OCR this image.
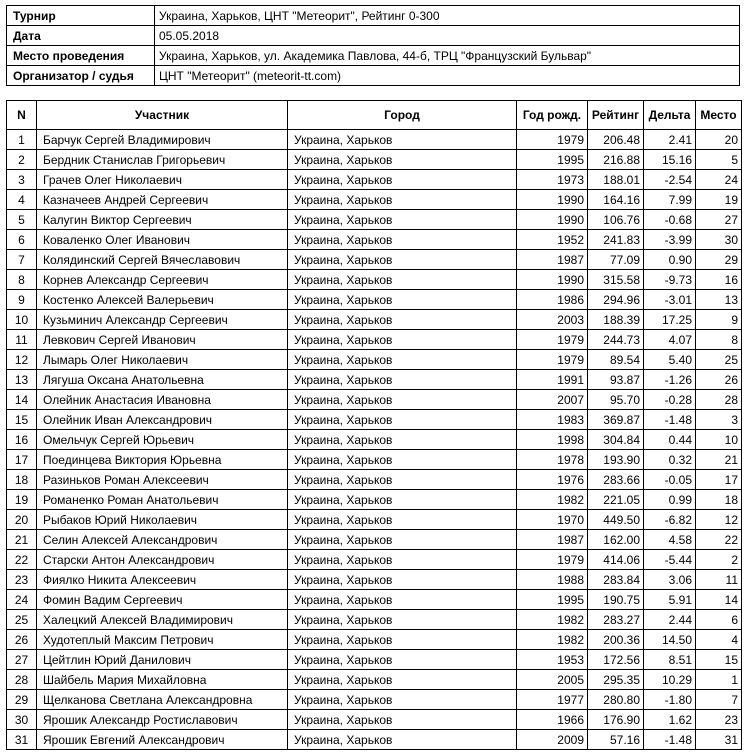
Турнир	Украина, Харьков, ЦНТ "Метеорит", Рейтинг 0-300
Дата	05.05.2018
Место проведения	Украина, Харьков, ул. Академика Павлова, 44-б, ТРЦ "Французский Бульвар"
Организатор / судья	ЦНТ "Метеорит" (meteorit-tt.com)
N	Участник	Город	Год рожд.	Рейтинг	Дельта	Место
1	Барчук Сергей Владимирович	Украина, Харьков	1979	206.48	2.41	20
2	Бердник Станислав Григорьевич	Украина, Харьков	1995	216.88	15.16	5
3	Грачев Олег Николаевич	Украина, Харьков	1973	188.01	-2.54	24
4	Казначеев Андрей Сергеевич	Украина, Харьков	1990	164.16	7.99	19
5	Калугин Виктор Сергеевич	Украина, Харьков	1990	106.76	-0.68	27
6	Коваленко Олег Иванович	Украина, Харьков	1952	241.83	-3.99	30
7	Колядинский Сергей Вячеславович	Украина, Харьков	1987	77.09	0.90	29
8	Корнев Александр Сергеевич	Украина, Харьков	1990	315.58	-9.73	16
9	Костенко Алексей Валерьевич	Украина, Харьков	1986	294.96	-3.01	13
10	Кузьминич Александр Сергеевич	Украина, Харьков	2003	188.39	17.25	9
11	Левкович Сергей Иванович	Украина, Харьков	1979	244.73	4.07	8
12	Лымарь Олег Николаевич	Украина, Харьков	1979	89.54	5.40	25
13	Лягуша Оксана Анатольевна	Украина, Харьков	1991	93.87	-1.26	26
14	Олейник Анастасия Ивановна	Украина, Харьков	2007	95.70	-0.28	28
15	Олейник Иван Александрович	Украина, Харьков	1983	369.87	-1.48	3
16	Омельчук Сергей Юрьевич	Украина, Харьков	1998	304.84	0.44	10
17	Поединцева Виктория Юрьевна	Украина, Харьков	1978	193.90	0.32	21
18	Разиньков Роман Алексеевич	Украина, Харьков	1976	283.66	-0.05	17
19	Романенко Роман Анатольевич	Украина, Харьков	1982	221.05	0.99	18
20	Рыбаков Юрий Николаевич	Украина, Харьков	1970	449.50	-6.82	12
21	Селин Алексей Александрович	Украина, Харьков	1987	162.00	4.58	22
22	Старски Антон Александрович	Украина, Харьков	1979	414.06	-5.44	2
23	Фиялко Никита Алексеевич	Украина, Харьков	1988	283.84	3.06	11
24	Фомин Вадим Сергеевич	Украина, Харьков	1995	190.75	5.91	14
25	Халецкий Алексей Владимирович	Украина, Харьков	1982	283.27	2.44	6
26	Худотеплый Максим Петрович	Украина, Харьков	1982	200.36	14.50	4
27	Цейтлин Юрий Данилович	Украина, Харьков	1953	172.56	8.51	15
28	Шайбель Мария Михайловна	Украина, Харьков	2005	295.35	10.29	1
29	Щелканова Светлана Александровна	Украина, Харьков	1977	280.80	-1.80	7
30	Ярошик Александр Ростиславович	Украина, Харьков	1966	176.90	1.62	23
31	Ярошик Евгений Александрович	Украина, Харьков	2009	57.16	-1.48	31
